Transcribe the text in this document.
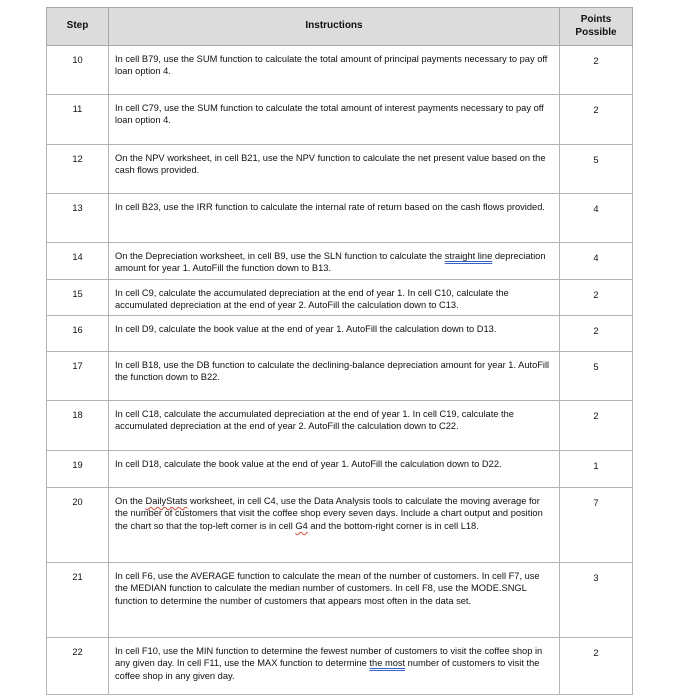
Step	Instructions	Points Possible
10	In cell B79, use the SUM function to calculate the total amount of principal payments necessary to pay off loan option 4.	2
11	In cell C79, use the SUM function to calculate the total amount of interest payments necessary to pay off loan option 4.	2
12	On the NPV worksheet, in cell B21, use the NPV function to calculate the net present value based on the cash flows provided.	5
13	In cell B23, use the IRR function to calculate the internal rate of return based on the cash flows provided.	4
14	On the Depreciation worksheet, in cell B9, use the SLN function to calculate the straight line depreciation amount for year 1. AutoFill the function down to B13.	4
15	In cell C9, calculate the accumulated depreciation at the end of year 1. In cell C10, calculate the accumulated depreciation at the end of year 2. AutoFill the calculation down to C13.	2
16	In cell D9, calculate the book value at the end of year 1. AutoFill the calculation down to D13.	2
17	In cell B18, use the DB function to calculate the declining-balance depreciation amount for year 1. AutoFill the function down to B22.	5
18	In cell C18, calculate the accumulated depreciation at the end of year 1. In cell C19, calculate the accumulated depreciation at the end of year 2. AutoFill the calculation down to C22.	2
19	In cell D18, calculate the book value at the end of year 1. AutoFill the calculation down to D22.	1
20	On the DailyStats worksheet, in cell C4, use the Data Analysis tools to calculate the moving average for the number of customers that visit the coffee shop every seven days. Include a chart output and position the chart so that the top-left corner is in cell G4 and the bottom-right corner is in cell L18.	7
21	In cell F6, use the AVERAGE function to calculate the mean of the number of customers. In cell F7, use the MEDIAN function to calculate the median number of customers. In cell F8, use the MODE.SNGL function to determine the number of customers that appears most often in the data set.	3
22	In cell F10, use the MIN function to determine the fewest number of customers to visit the coffee shop in any given day. In cell F11, use the MAX function to determine the most number of customers to visit the coffee shop in any given day.	2
